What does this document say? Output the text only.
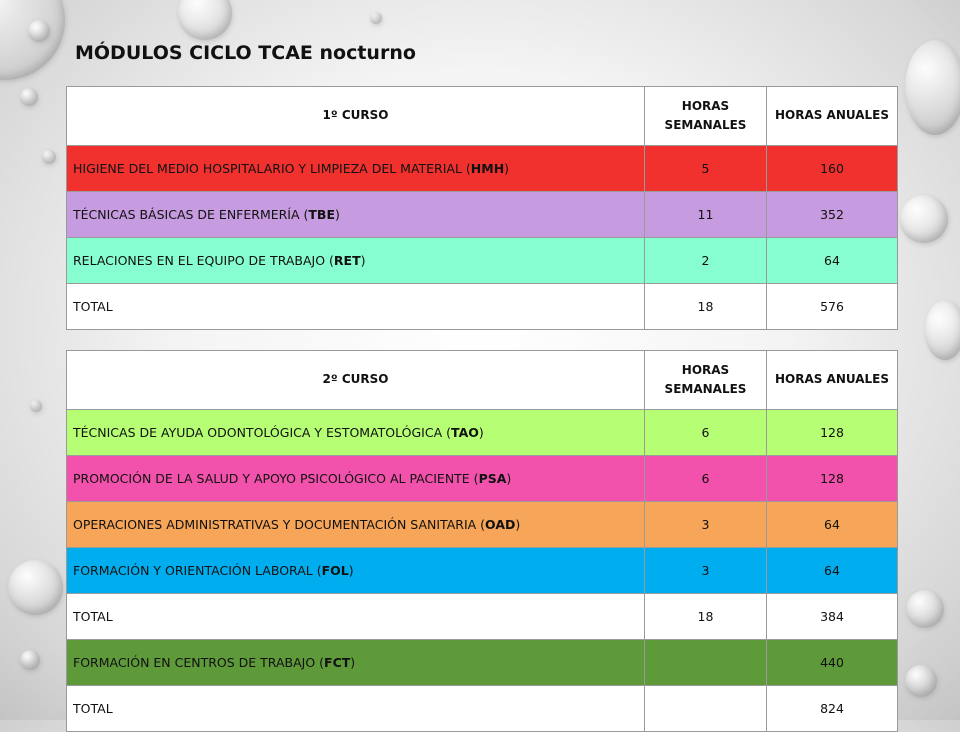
MÓDULOS CICLO TCAE nocturno
1º CURSO	HORAS SEMANALES	HORAS ANUALES
HIGIENE DEL MEDIO HOSPITALARIO Y LIMPIEZA DEL MATERIAL (HMH)	5	160
TÉCNICAS BÁSICAS DE ENFERMERÍA (TBE)	11	352
RELACIONES EN EL EQUIPO DE TRABAJO (RET)	2	64
TOTAL	18	576
2º CURSO	HORAS SEMANALES	HORAS ANUALES
TÉCNICAS DE AYUDA ODONTOLÓGICA Y ESTOMATOLÓGICA (TAO)	6	128
PROMOCIÓN DE LA SALUD Y APOYO PSICOLÓGICO AL PACIENTE (PSA)	6	128
OPERACIONES ADMINISTRATIVAS Y DOCUMENTACIÓN SANITARIA (OAD)	3	64
FORMACIÓN Y ORIENTACIÓN LABORAL (FOL)	3	64
TOTAL	18	384
FORMACIÓN EN CENTROS DE TRABAJO (FCT)		440
TOTAL		824
